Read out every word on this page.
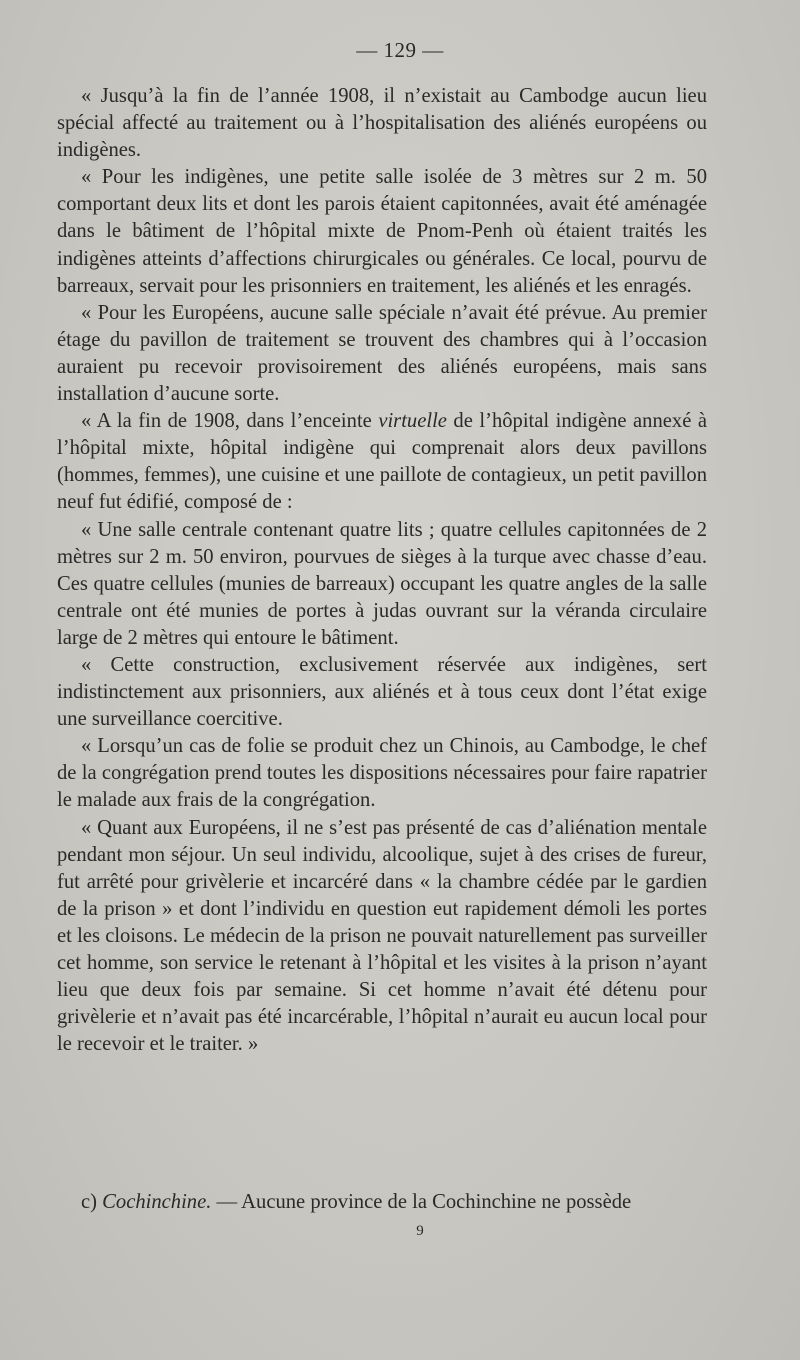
— 129 —

« Jusqu’à la fin de l’année 1908, il n’existait au Cambodge aucun lieu spécial affecté au traitement ou à l’hospitalisation des aliénés européens ou indigènes.

« Pour les indigènes, une petite salle isolée de 3 mètres sur 2 m. 50 comportant deux lits et dont les parois étaient capitonnées, avait été aménagée dans le bâtiment de l’hôpital mixte de Pnom-Penh où étaient traités les indigènes atteints d’affections chirurgicales ou générales. Ce local, pourvu de barreaux, servait pour les prisonniers en traitement, les aliénés et les enragés.

« Pour les Européens, aucune salle spéciale n’avait été prévue. Au premier étage du pavillon de traitement se trouvent des chambres qui à l’occasion auraient pu recevoir provisoirement des aliénés européens, mais sans installation d’aucune sorte.

« A la fin de 1908, dans l’enceinte virtuelle de l’hôpital indigène annexé à l’hôpital mixte, hôpital indigène qui comprenait alors deux pavillons (hommes, femmes), une cuisine et une paillote de contagieux, un petit pavillon neuf fut édifié, composé de :

« Une salle centrale contenant quatre lits ; quatre cellules capitonnées de 2 mètres sur 2 m. 50 environ, pourvues de sièges à la turque avec chasse d’eau. Ces quatre cellules (munies de barreaux) occupant les quatre angles de la salle centrale ont été munies de portes à judas ouvrant sur la véranda circulaire large de 2 mètres qui entoure le bâtiment.

« Cette construction, exclusivement réservée aux indigènes, sert indistinctement aux prisonniers, aux aliénés et à tous ceux dont l’état exige une surveillance coercitive.

« Lorsqu’un cas de folie se produit chez un Chinois, au Cambodge, le chef de la congrégation prend toutes les dispositions nécessaires pour faire rapatrier le malade aux frais de la congrégation.

« Quant aux Européens, il ne s’est pas présenté de cas d’aliénation mentale pendant mon séjour. Un seul individu, alcoolique, sujet à des crises de fureur, fut arrêté pour grivèlerie et incarcéré dans « la chambre cédée par le gardien de la prison » et dont l’individu en question eut rapidement démoli les portes et les cloisons. Le médecin de la prison ne pouvait naturellement pas surveiller cet homme, son service le retenant à l’hôpital et les visites à la prison n’ayant lieu que deux fois par semaine. Si cet homme n’avait été détenu pour grivèlerie et n’avait pas été incarcérable, l’hôpital n’aurait eu aucun local pour le recevoir et le traiter. »

c) Cochinchine. — Aucune province de la Cochinchine ne possède

9
